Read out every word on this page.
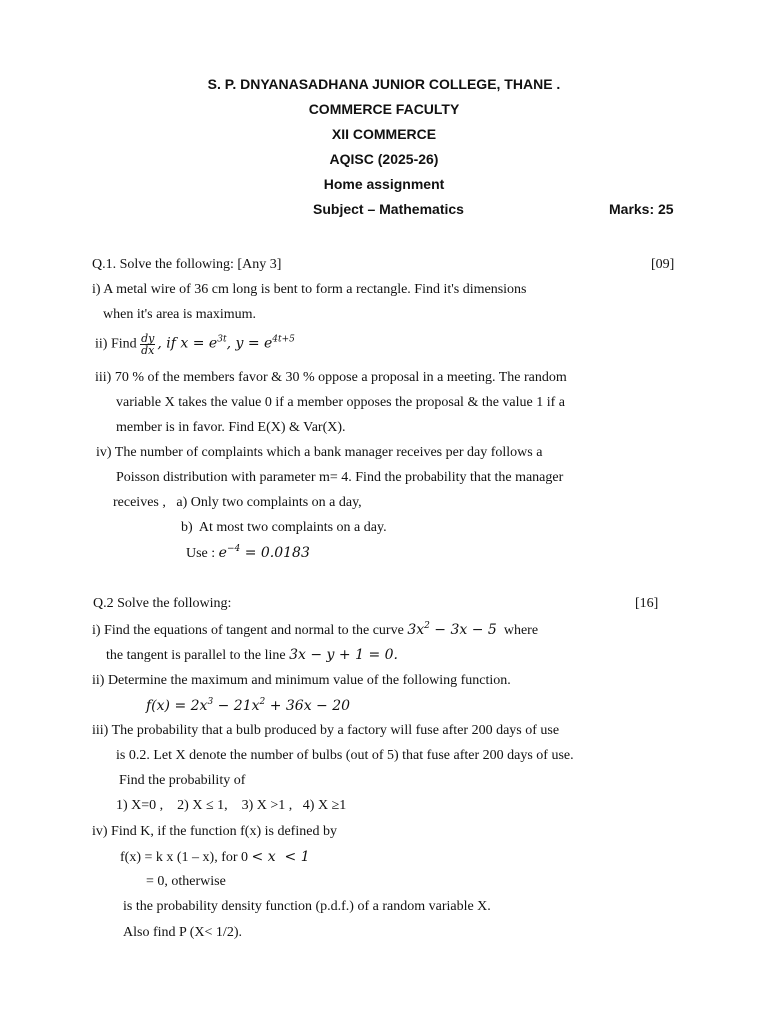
S. P. DNYANASADHANA JUNIOR COLLEGE, THANE .
COMMERCE FACULTY
XII COMMERCE
AQISC (2025-26)
Home assignment
Subject – Mathematics	Marks: 25
Q.1. Solve the following: [Any 3]	[09]
i) A metal wire of 36 cm long is bent to form a rectangle. Find it's dimensions
when it's area is maximum.
ii) Find $\frac{dy}{dx}$ , if $x = e^{3t}$, $y = e^{4t+5}$
iii) 70 % of the members favor & 30 % oppose a proposal in a meeting. The random
variable X takes the value 0 if a member opposes the proposal & the value 1 if a
member is in favor. Find E(X) & Var(X).
iv) The number of complaints which a bank manager receives per day follows a
Poisson distribution with parameter m= 4. Find the probability that the manager
receives ,   a) Only two complaints on a day,
b)  At most two complaints on a day.
Use : $e^{-4} = 0.0183$
Q.2 Solve the following:	[16]
i) Find the equations of tangent and normal to the curve $3x^2 - 3x - 5$  where
the tangent is parallel to the line 3x − y + 1 = 0.
ii) Determine the maximum and minimum value of the following function.
$f(x) = 2x^3 - 21x^2 + 36x - 20$
iii) The probability that a bulb produced by a factory will fuse after 200 days of use
is 0.2. Let X denote the number of bulbs (out of 5) that fuse after 200 days of use.
Find the probability of
1) X=0 ,    2) X ≤ 1,    3) X >1 ,   4) X ≥1
iv) Find K, if the function f(x) is defined by
f(x) = k x (1 – x), for 0 < x  < 1
= 0, otherwise
is the probability density function (p.d.f.) of a random variable X.
Also find P (X< 1/2).
